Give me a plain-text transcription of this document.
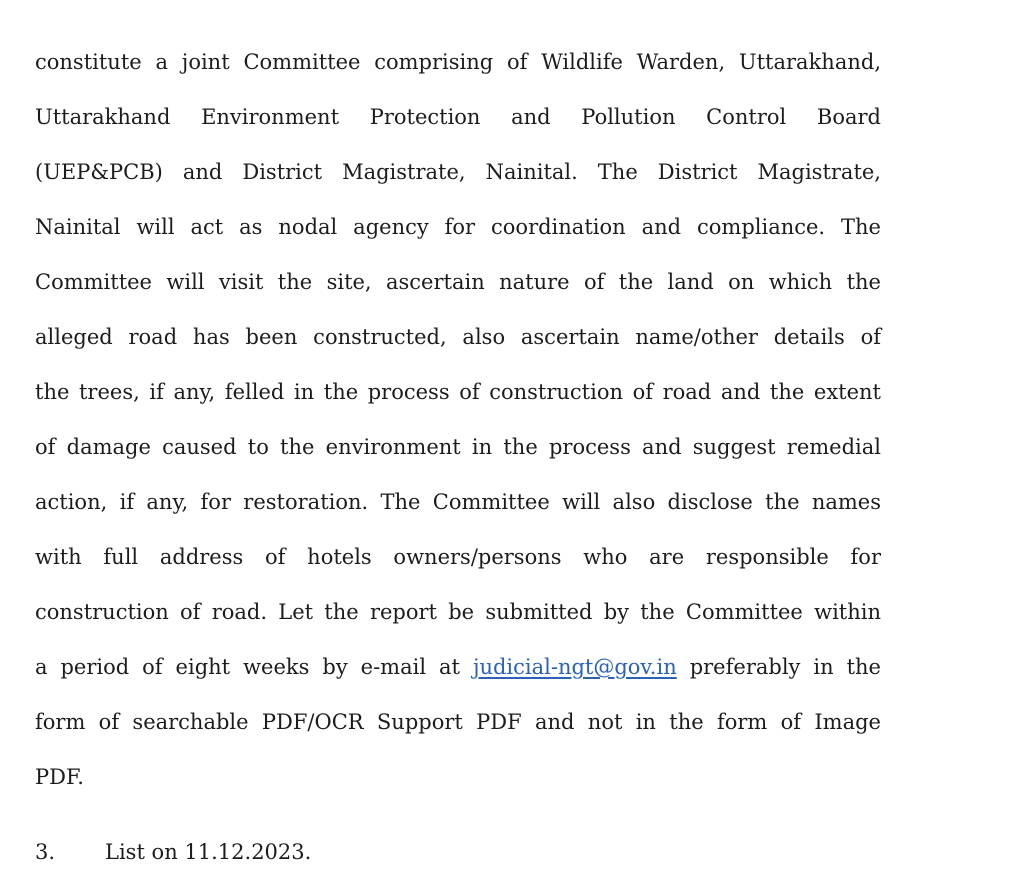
constitute a joint Committee comprising of Wildlife Warden, Uttarakhand,
Uttarakhand Environment Protection and Pollution Control Board
(UEP&PCB) and District Magistrate, Nainital. The District Magistrate,
Nainital will act as nodal agency for coordination and compliance. The
Committee will visit the site, ascertain nature of the land on which the
alleged road has been constructed, also ascertain name/other details of
the trees, if any, felled in the process of construction of road and the extent
of damage caused to the environment in the process and suggest remedial
action, if any, for restoration. The Committee will also disclose the names
with full address of hotels owners/persons who are responsible for
construction of road. Let the report be submitted by the Committee within
a period of eight weeks by e-mail at judicial-ngt@gov.in preferably in the
form of searchable PDF/OCR Support PDF and not in the form of Image
PDF.
3. List on 11.12.2023.
